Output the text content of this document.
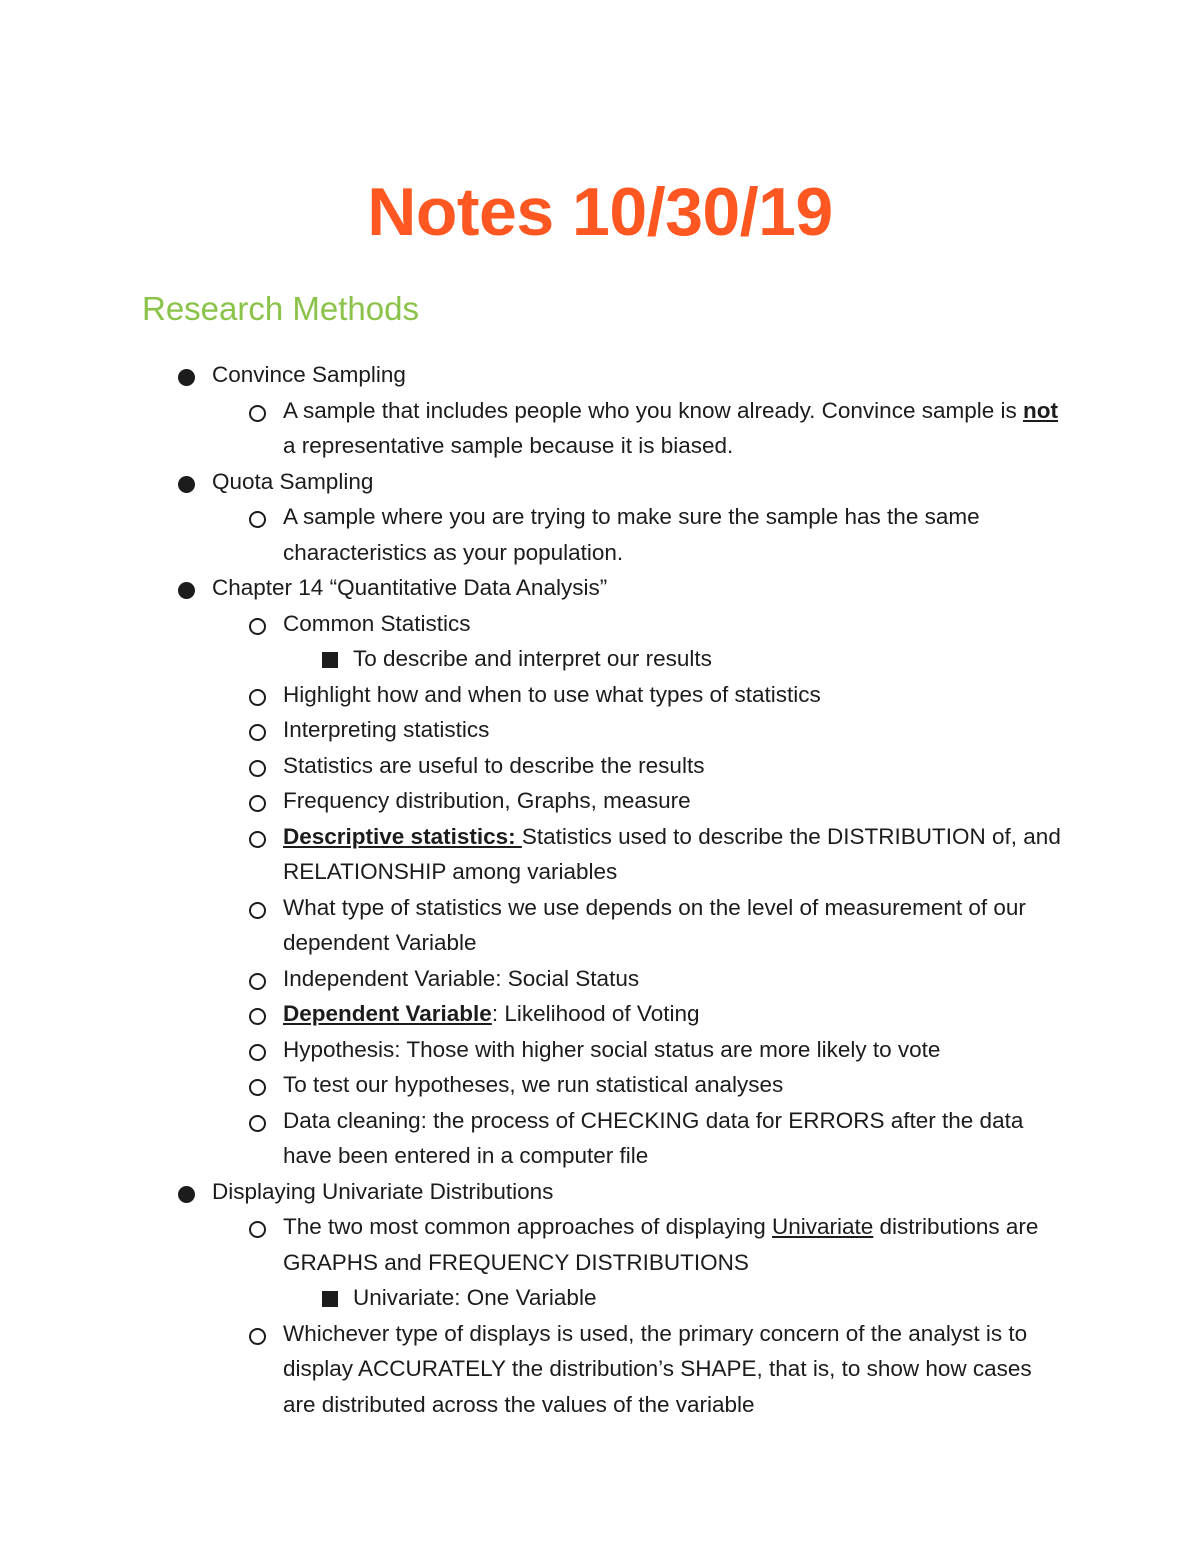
Notes 10/30/19
Research Methods
Convince Sampling
A sample that includes people who you know already. Convince sample is not a representative sample because it is biased.
Quota Sampling
A sample where you are trying to make sure the sample has the same characteristics as your population.
Chapter 14 “Quantitative Data Analysis”
Common Statistics
To describe and interpret our results
Highlight how and when to use what types of statistics
Interpreting statistics
Statistics are useful to describe the results
Frequency distribution, Graphs, measure
Descriptive statistics: Statistics used to describe the DISTRIBUTION of, and RELATIONSHIP among variables
What type of statistics we use depends on the level of measurement of our dependent Variable
Independent Variable: Social Status
Dependent Variable: Likelihood of Voting
Hypothesis: Those with higher social status are more likely to vote
To test our hypotheses, we run statistical analyses
Data cleaning: the process of CHECKING data for ERRORS after the data have been entered in a computer file
Displaying Univariate Distributions
The two most common approaches of displaying Univariate distributions are GRAPHS and FREQUENCY DISTRIBUTIONS
Univariate: One Variable
Whichever type of displays is used, the primary concern of the analyst is to display ACCURATELY the distribution’s SHAPE, that is, to show how cases are distributed across the values of the variable
